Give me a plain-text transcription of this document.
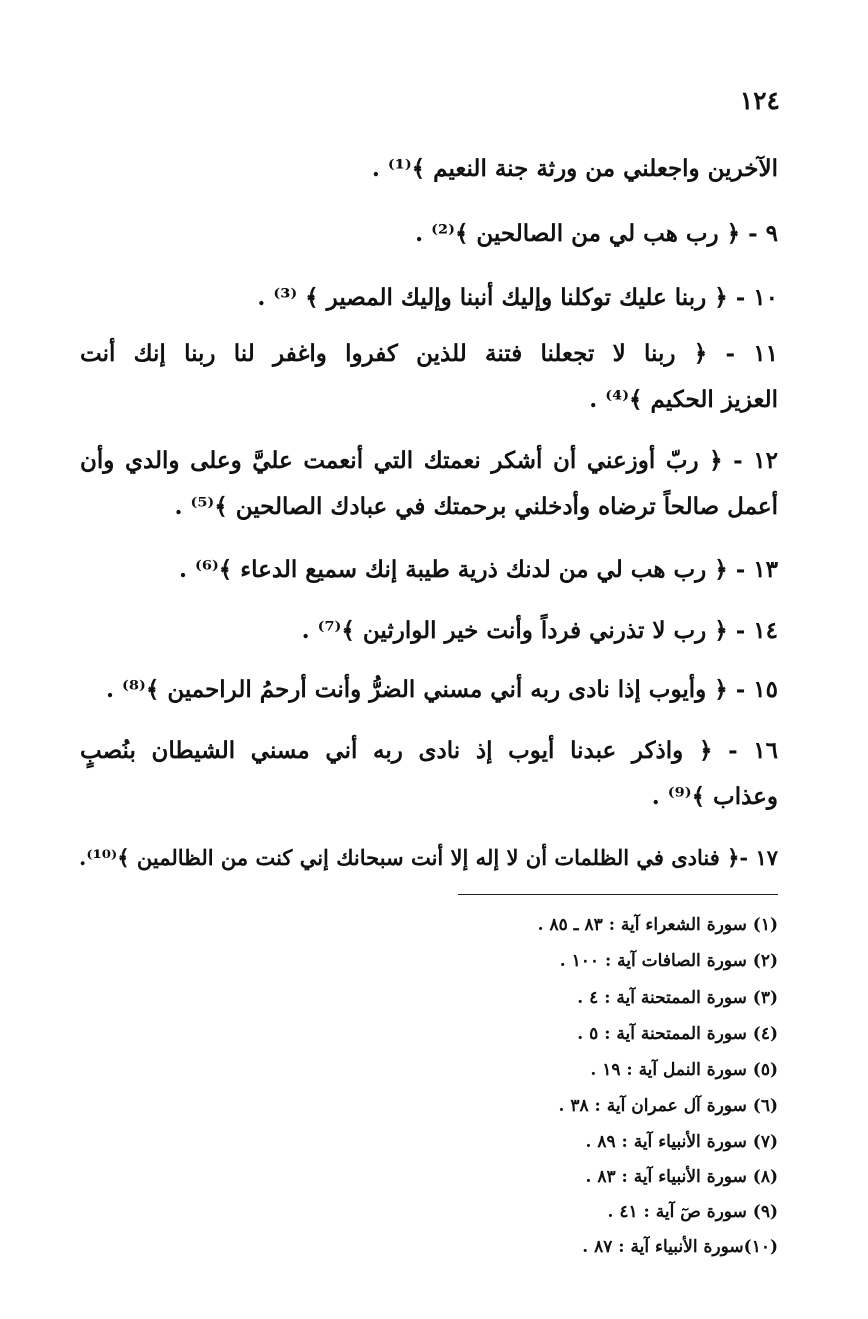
١٢٤
الآخرين واجعلني من ورثة جنة النعيم ﴾⁽¹⁾ .
٩ - ﴿ رب هب لي من الصالحين ﴾⁽²⁾ .
١٠ - ﴿ ربنا عليك توكلنا وإليك أنبنا وإليك المصير ﴾ ⁽³⁾ .
١١ - ﴿ ربنا لا تجعلنا فتنة للذين كفروا واغفر لنا ربنا إنك أنت
العزيز الحكيم ﴾⁽⁴⁾ .
١٢ - ﴿ ربّ أوزعني أن أشكر نعمتك التي أنعمت عليَّ وعلى والدي وأن
أعمل صالحاً ترضاه وأدخلني برحمتك في عبادك الصالحين ﴾⁽⁵⁾ .
١٣ - ﴿ رب هب لي من لدنك ذرية طيبة إنك سميع الدعاء ﴾⁽⁶⁾ .
١٤ - ﴿ رب لا تذرني فرداً وأنت خير الوارثين ﴾⁽⁷⁾ .
١٥ - ﴿ وأيوب إذا نادى ربه أني مسني الضرُّ وأنت أرحمُ الراحمين ﴾⁽⁸⁾ .
١٦ - ﴿ واذكر عبدنا أيوب إذ نادى ربه أني مسني الشيطان بنُصبٍ
وعذاب ﴾⁽⁹⁾ .
١٧ -﴿ فنادى في الظلمات أن لا إله إلا أنت سبحانك إني كنت من الظالمين ﴾⁽¹⁰⁾.
(١) سورة الشعراء آية : ٨٣ ـ ٨٥ .
(٢) سورة الصافات آية : ١٠٠ .
(٣) سورة الممتحنة آية : ٤ .
(٤) سورة الممتحنة آية : ٥ .
(٥) سورة النمل آية : ١٩ .
(٦) سورة آل عمران آية : ٣٨ .
(٧) سورة الأنبياء آية : ٨٩ .
(٨) سورة الأنبياء آية : ٨٣ .
(٩) سورة صٓ آية : ٤١ .
(١٠)سورة الأنبياء آية : ٨٧ .
